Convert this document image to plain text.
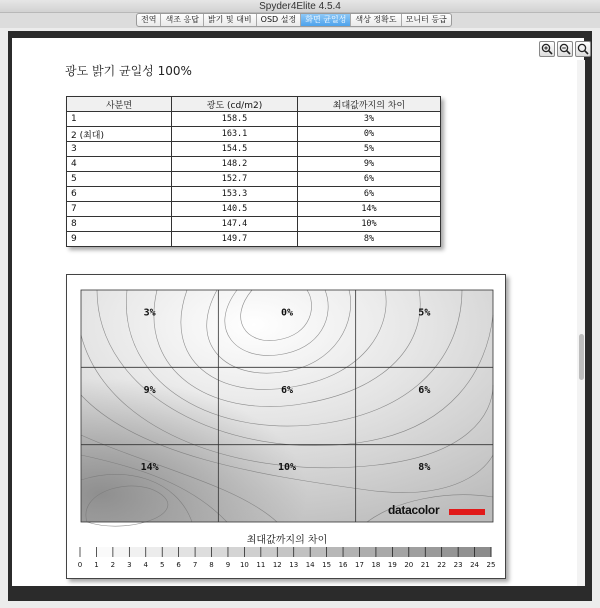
Spyder4Elite 4.5.4
전역	색조 응답	밝기 및 대비	OSD 설정	화면 균일성	색상 정확도	모니터 등급
광도 밝기 균일성 100%
사분면	광도 (cd/m2)	최대값까지의 차이
1	158.5	3%
2 (최대)	163.1	0%
3	154.5	5%
4	148.2	9%
5	152.7	6%
6	153.3	6%
7	140.5	14%
8	147.4	10%
9	149.7	8%
3%	0%	5%
9%	6%	6%
14%	10%	8%
0 1 2 3 4 5 6 7 8 9 10 11 12 13 14 15 16 17 18 19 20 21 22 23 24 25
최대값까지의 차이
datacolor
